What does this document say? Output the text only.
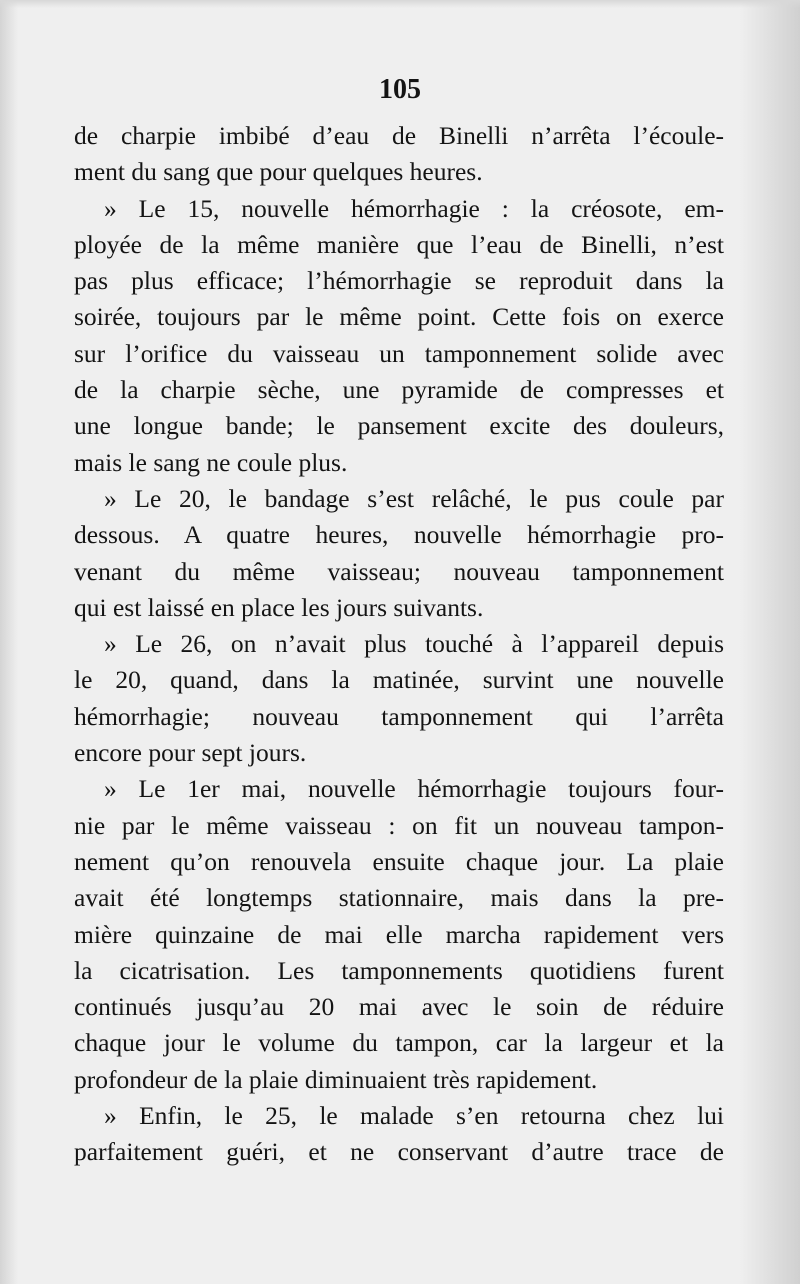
105
de charpie imbibé d’eau de Binelli n’arrêta l’écoule-
ment du sang que pour quelques heures.
» Le 15, nouvelle hémorrhagie : la créosote, em-
ployée de la même manière que l’eau de Binelli, n’est
pas plus efficace; l’hémorrhagie se reproduit dans la
soirée, toujours par le même point. Cette fois on exerce
sur l’orifice du vaisseau un tamponnement solide avec
de la charpie sèche, une pyramide de compresses et
une longue bande; le pansement excite des douleurs,
mais le sang ne coule plus.
» Le 20, le bandage s’est relâché, le pus coule par
dessous. A quatre heures, nouvelle hémorrhagie pro-
venant du même vaisseau; nouveau tamponnement
qui est laissé en place les jours suivants.
» Le 26, on n’avait plus touché à l’appareil depuis
le 20, quand, dans la matinée, survint une nouvelle
hémorrhagie; nouveau tamponnement qui l’arrêta
encore pour sept jours.
» Le 1er mai, nouvelle hémorrhagie toujours four-
nie par le même vaisseau : on fit un nouveau tampon-
nement qu’on renouvela ensuite chaque jour. La plaie
avait été longtemps stationnaire, mais dans la pre-
mière quinzaine de mai elle marcha rapidement vers
la cicatrisation. Les tamponnements quotidiens furent
continués jusqu’au 20 mai avec le soin de réduire
chaque jour le volume du tampon, car la largeur et la
profondeur de la plaie diminuaient très rapidement.
» Enfin, le 25, le malade s’en retourna chez lui
parfaitement guéri, et ne conservant d’autre trace de
